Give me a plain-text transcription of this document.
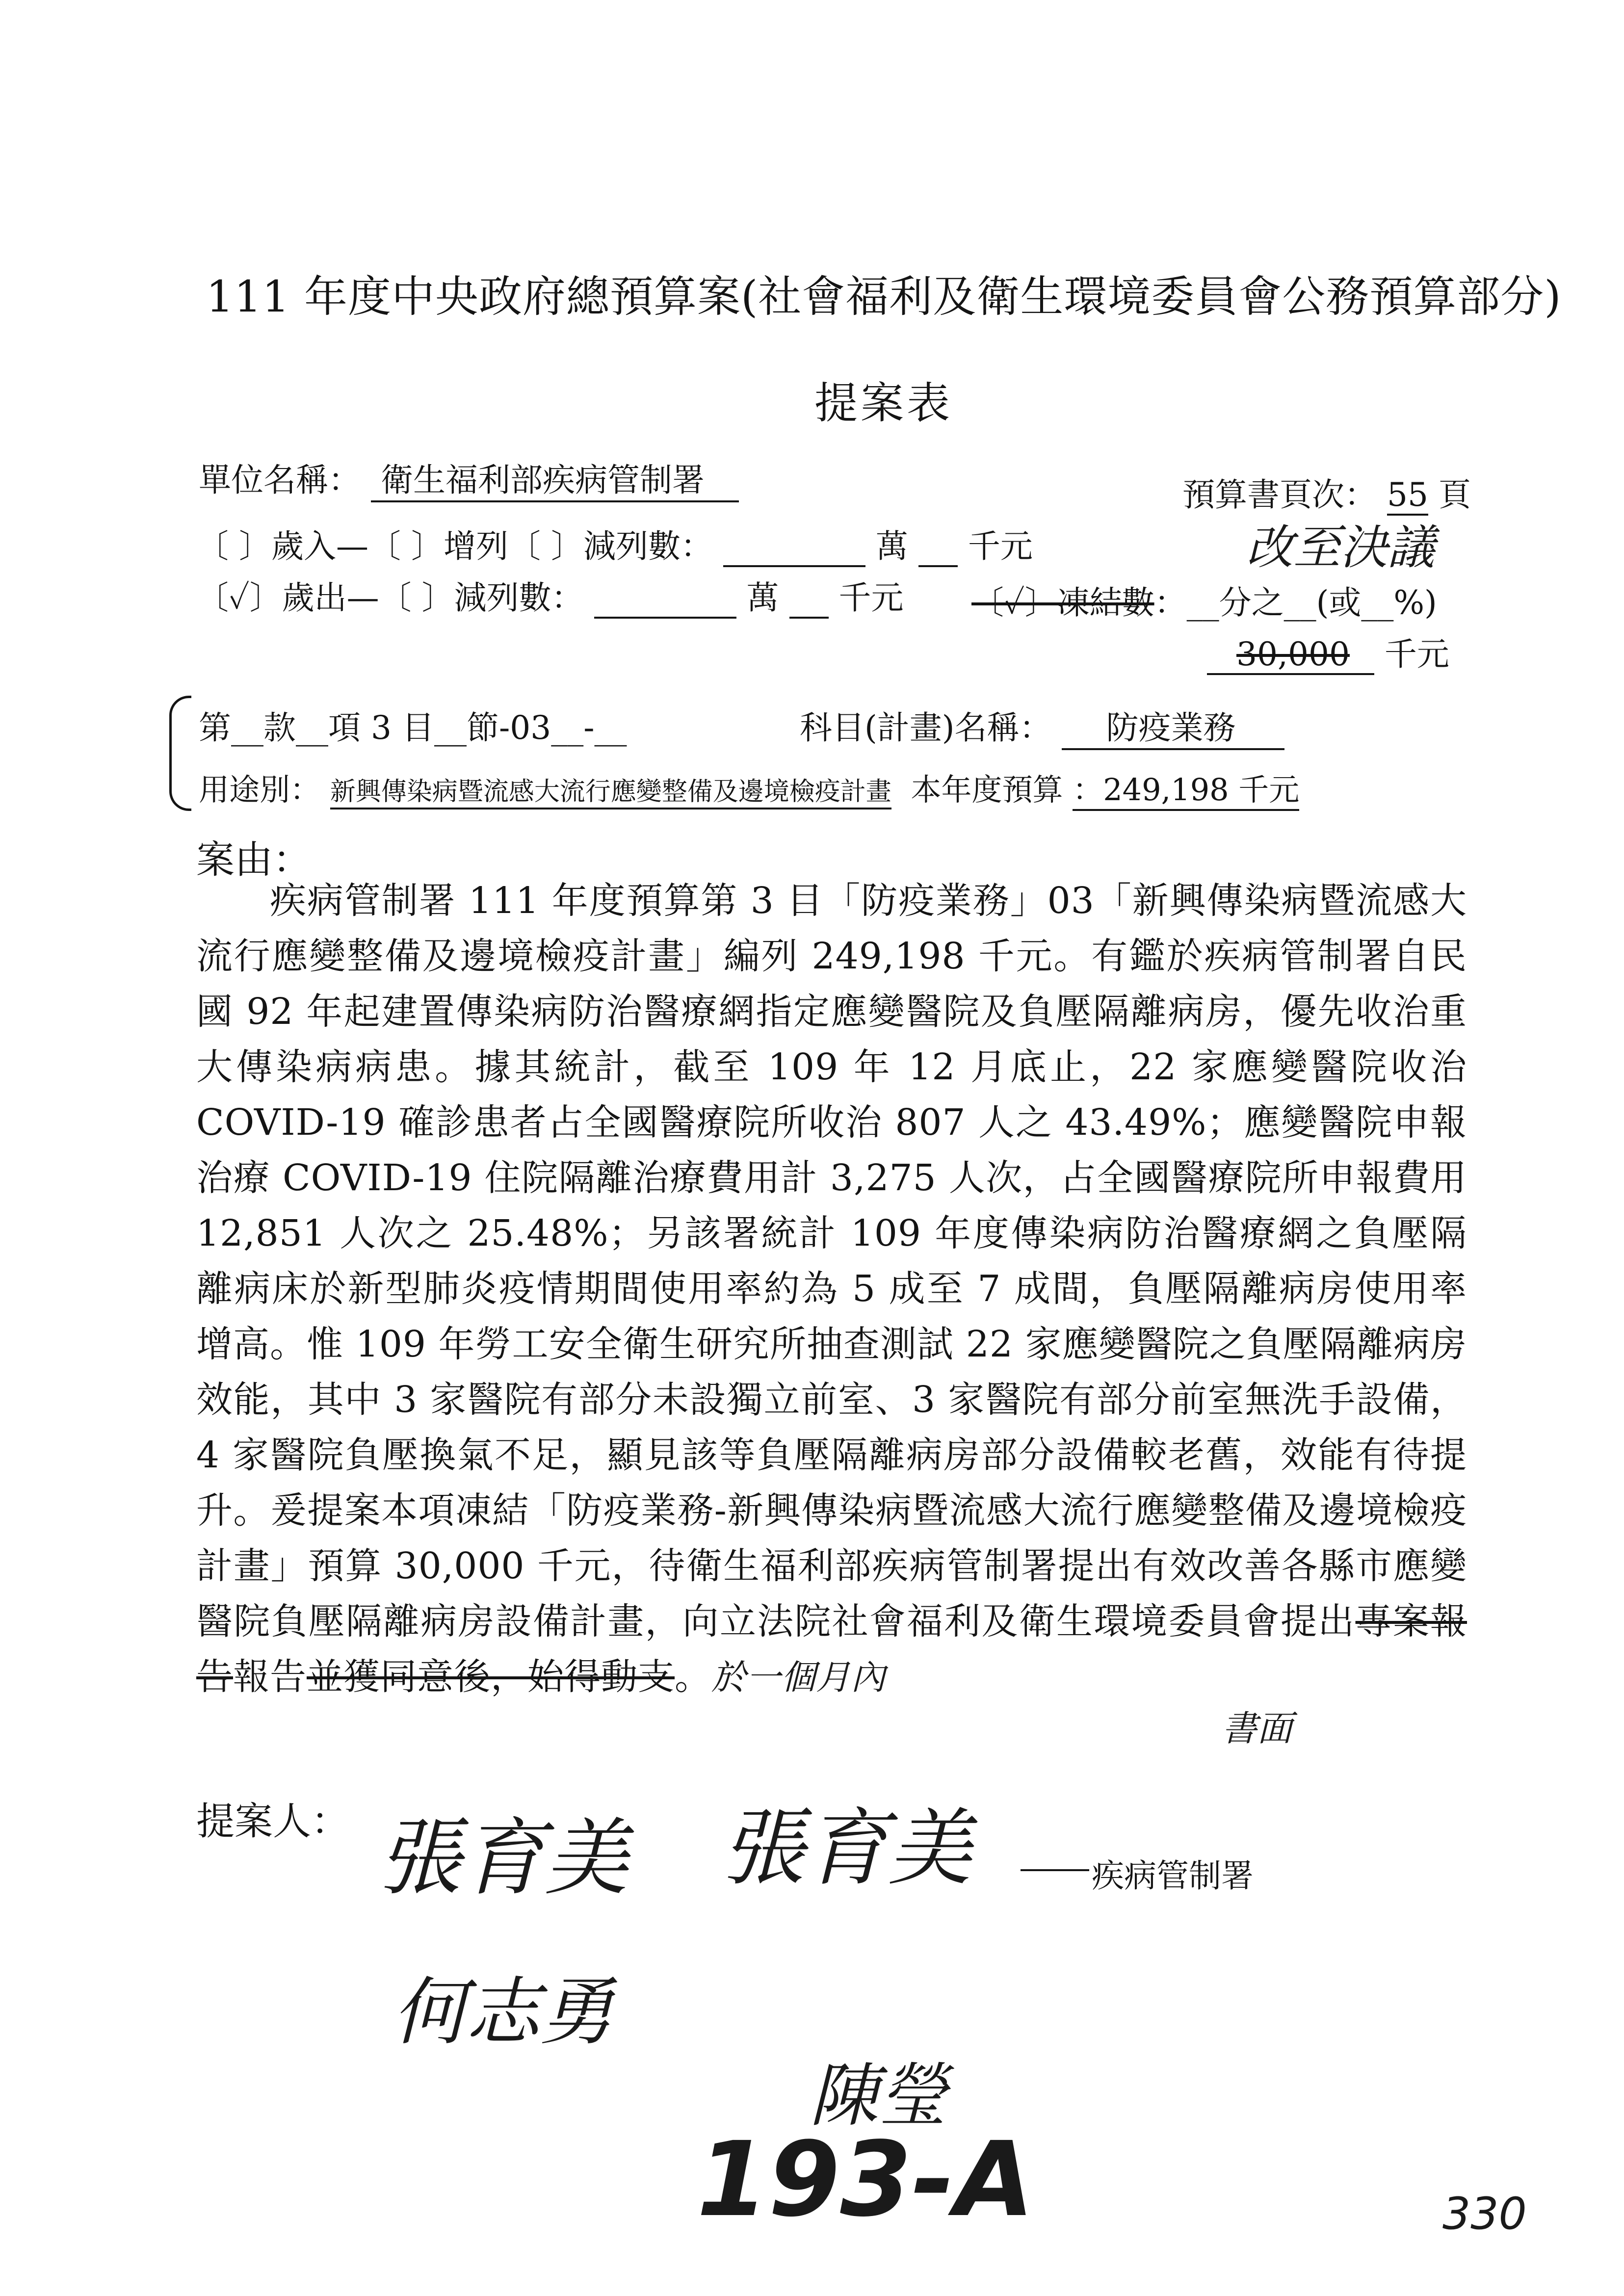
111 年度中央政府總預算案(社會福利及衛生環境委員會公務預算部分)
提案表
單位名稱： 衛生福利部疾病管制署	預算書頁次： 55 頁
〔 〕歲入—〔 〕增列〔 〕減列數：	萬 千元	改至決議
〔✓〕歲出—〔 〕減列數：	萬 千元 〔✓〕凍結數：__分之__(或__%)
30,000 千元
第__款__項 3 目__節-03__-__	科目(計畫)名稱： 防疫業務
用途別： 新興傳染病暨流感大流行應變整備及邊境檢疫計畫 本年度預算 ：249,198 千元
案由：

疾病管制署 111 年度預算第 3 目「防疫業務」03「新興傳染病暨流感大流行應變整備及邊境檢疫計畫」編列 249,198 千元。有鑑於疾病管制署自民國 92 年起建置傳染病防治醫療網指定應變醫院及負壓隔離病房，優先收治重大傳染病病患。據其統計，截至 109 年 12 月底止，22 家應變醫院收治 COVID-19 確診患者占全國醫療院所收治 807 人之 43.49%；應變醫院申報治療 COVID-19 住院隔離治療費用計 3,275 人次，占全國醫療院所申報費用 12,851 人次之 25.48%；另該署統計 109 年度傳染病防治醫療網之負壓隔離病床於新型肺炎疫情期間使用率約為 5 成至 7 成間，負壓隔離病房使用率增高。惟 109 年勞工安全衛生研究所抽查測試 22 家應變醫院之負壓隔離病房效能，其中 3 家醫院有部分未設獨立前室、3 家醫院有部分前室無洗手設備，4 家醫院負壓換氣不足，顯見該等負壓隔離病房部分設備較老舊，效能有待提升。爰提案本項凍結「防疫業務-新興傳染病暨流感大流行應變整備及邊境檢疫計畫」預算 30,000 千元，待衛生福利部疾病管制署提出有效改善各縣市應變醫院負壓隔離病房設備計畫，向立法院社會福利及衛生環境委員會提出專案報告報告並獲同意後，始得動支。於一個月內

書面
提案人： 張育美 張育美	疾病管制署
何志勇
陳瑩
193-A	330
